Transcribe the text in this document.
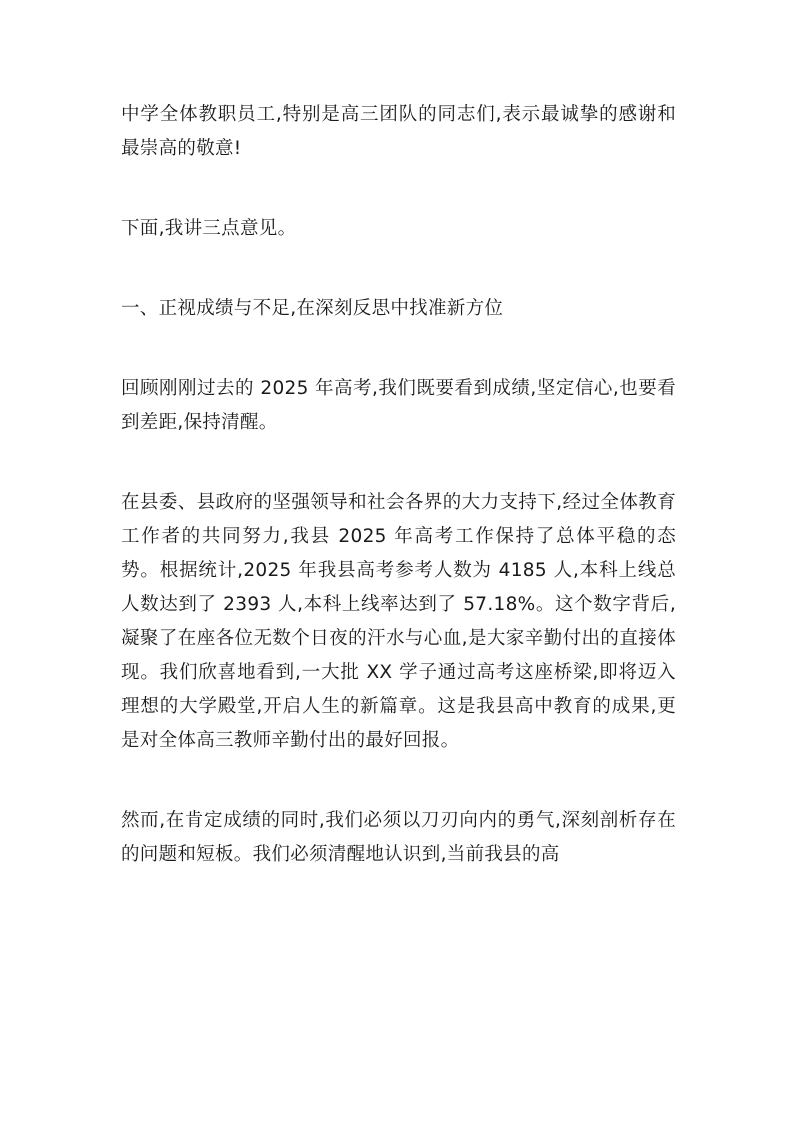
中学全体教职员工,特别是高三团队的同志们,表示最诚挚的感谢和最崇高的敬意!

下面,我讲三点意见。

一、正视成绩与不足,在深刻反思中找准新方位

回顾刚刚过去的 2025 年高考,我们既要看到成绩,坚定信心,也要看到差距,保持清醒。

在县委、县政府的坚强领导和社会各界的大力支持下,经过全体教育工作者的共同努力,我县 2025 年高考工作保持了总体平稳的态势。根据统计,2025 年我县高考参考人数为 4185 人,本科上线总人数达到了 2393 人,本科上线率达到了 57.18%。这个数字背后,凝聚了在座各位无数个日夜的汗水与心血,是大家辛勤付出的直接体现。我们欣喜地看到,一大批 XX 学子通过高考这座桥梁,即将迈入理想的大学殿堂,开启人生的新篇章。这是我县高中教育的成果,更是对全体高三教师辛勤付出的最好回报。

然而,在肯定成绩的同时,我们必须以刀刃向内的勇气,深刻剖析存在的问题和短板。我们必须清醒地认识到,当前我县的高
